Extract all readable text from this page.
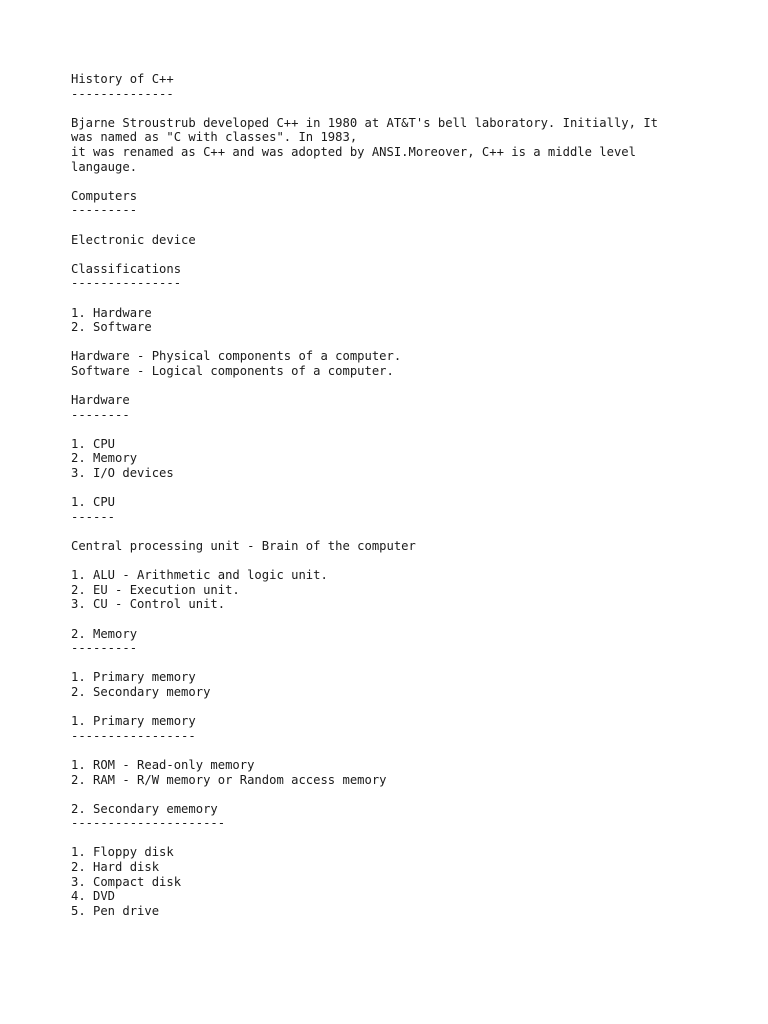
History of C++
--------------
Bjarne Stroustrub developed C++ in 1980 at AT&T's bell laboratory. Initially, It
was named as "C with classes". In 1983,
it was renamed as C++ and was adopted by ANSI.Moreover, C++ is a middle level
langauge.
Computers
---------
Electronic device
Classifications
---------------
1. Hardware
2. Software
Hardware - Physical components of a computer.
Software - Logical components of a computer.
Hardware
--------
1. CPU
2. Memory
3. I/O devices
1. CPU
------
Central processing unit - Brain of the computer
1. ALU - Arithmetic and logic unit.
2. EU - Execution unit.
3. CU - Control unit.
2. Memory
---------
1. Primary memory
2. Secondary memory
1. Primary memory
-----------------
1. ROM - Read-only memory
2. RAM - R/W memory or Random access memory
2. Secondary ememory
---------------------
1. Floppy disk
2. Hard disk
3. Compact disk
4. DVD
5. Pen drive
